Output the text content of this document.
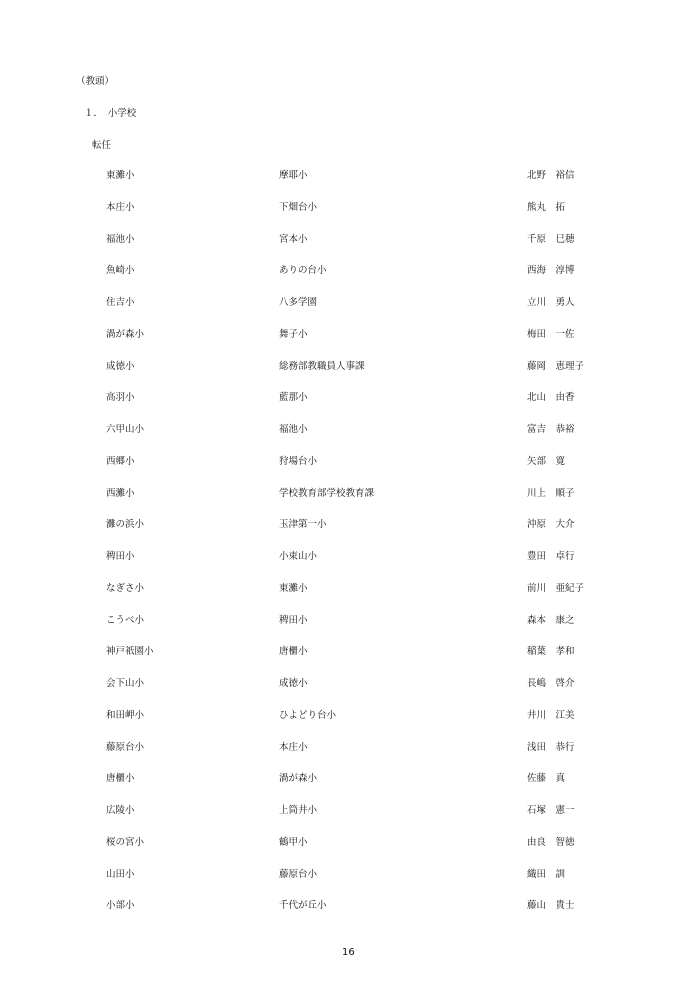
（教頭）
１．　小学校
転任
東灘小	摩耶小	北野　裕信
本庄小	下畑台小	熊丸　拓
福池小	宮本小	千原　巳穂
魚崎小	ありの台小	西海　淳博
住吉小	八多学園	立川　勇人
渦が森小	舞子小	梅田　一佐
成徳小	総務部教職員人事課	藤岡　恵理子
高羽小	藍那小	北山　由香
六甲山小	福池小	富吉　恭裕
西郷小	狩場台小	矢部　寛
西灘小	学校教育部学校教育課	川上　順子
灘の浜小	玉津第一小	沖原　大介
稗田小	小束山小	豊田　卓行
なぎさ小	東灘小	前川　亜紀子
こうべ小	稗田小	森本　康之
神戸祇園小	唐櫃小	稲葉　孝和
会下山小	成徳小	長嶋　啓介
和田岬小	ひよどり台小	井川　江美
藤原台小	本庄小	浅田　恭行
唐櫃小	渦が森小	佐藤　真
広陵小	上筒井小	石塚　憲一
桜の宮小	鶴甲小	由良　智徳
山田小	藤原台小	織田　訓
小部小	千代が丘小	藤山　貴士
16
